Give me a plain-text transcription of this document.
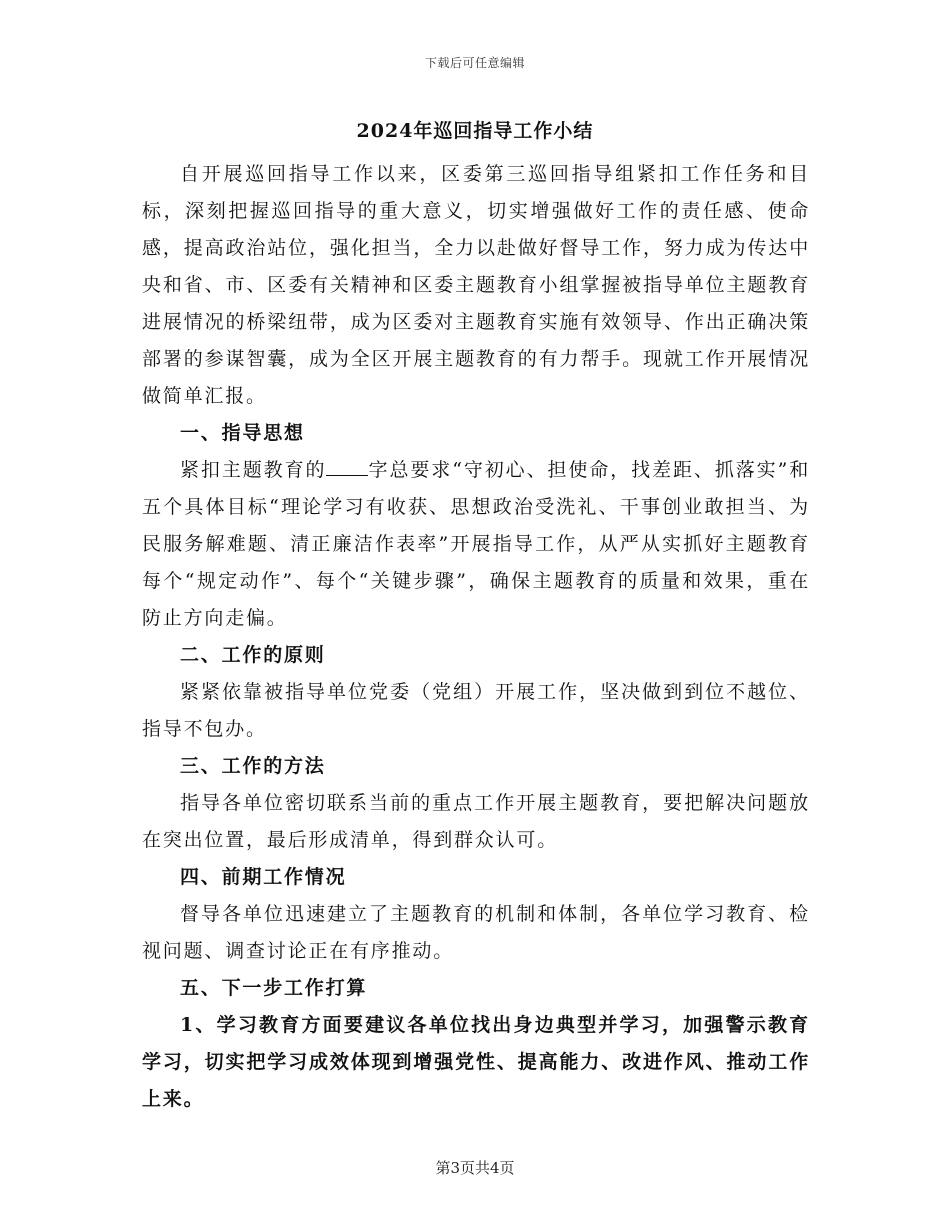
下载后可任意编辑
2024年巡回指导工作小结

自开展巡回指导工作以来，区委第三巡回指导组紧扣工作任务和目标，深刻把握巡回指导的重大意义，切实增强做好工作的责任感、使命感，提高政治站位，强化担当，全力以赴做好督导工作，努力成为传达中央和省、市、区委有关精神和区委主题教育小组掌握被指导单位主题教育进展情况的桥梁纽带，成为区委对主题教育实施有效领导、作出正确决策部署的参谋智囊，成为全区开展主题教育的有力帮手。现就工作开展情况做简单汇报。

一、指导思想

紧扣主题教育的 字总要求“守初心、担使命，找差距、抓落实”和五个具体目标“理论学习有收获、思想政治受洗礼、干事创业敢担当、为民服务解难题、清正廉洁作表率”开展指导工作，从严从实抓好主题教育每个“规定动作”、每个“关键步骤”，确保主题教育的质量和效果，重在防止方向走偏。

二、工作的原则

紧紧依靠被指导单位党委（党组）开展工作，坚决做到到位不越位、指导不包办。

三、工作的方法

指导各单位密切联系当前的重点工作开展主题教育，要把解决问题放在突出位置，最后形成清单，得到群众认可。

四、前期工作情况

督导各单位迅速建立了主题教育的机制和体制，各单位学习教育、检视问题、调查讨论正在有序推动。

五、下一步工作打算

1、学习教育方面要建议各单位找出身边典型并学习，加强警示教育学习，切实把学习成效体现到增强党性、提高能力、改进作风、推动工作上来。

第3页共4页
